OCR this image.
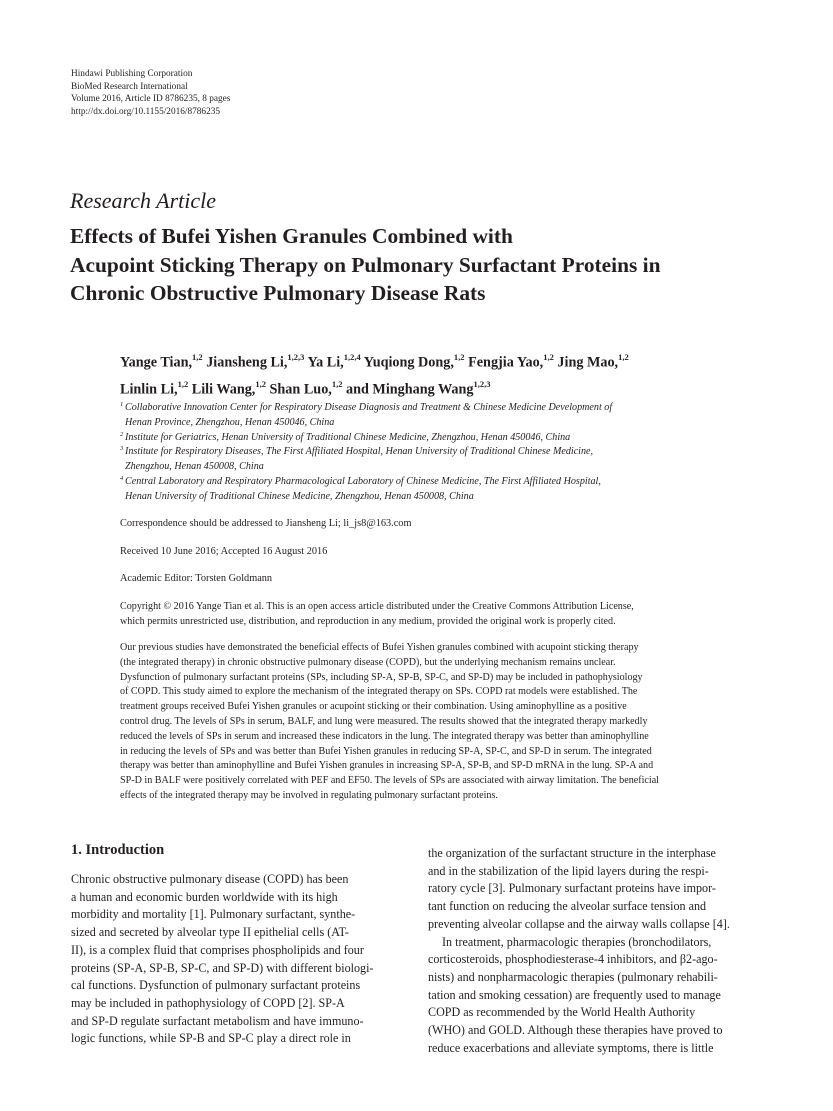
Hindawi Publishing Corporation
BioMed Research International
Volume 2016, Article ID 8786235, 8 pages
http://dx.doi.org/10.1155/2016/8786235
Research Article
Effects of Bufei Yishen Granules Combined with
Acupoint Sticking Therapy on Pulmonary Surfactant Proteins in
Chronic Obstructive Pulmonary Disease Rats
Yange Tian,$^{1,2}$ Jiansheng Li,$^{1,2,3}$ Ya Li,$^{1,2,4}$ Yuqiong Dong,$^{1,2}$ Fengjia Yao,$^{1,2}$ Jing Mao,$^{1,2}$
Linlin Li,$^{1,2}$ Lili Wang,$^{1,2}$ Shan Luo,$^{1,2}$ and Minghang Wang$^{1,2,3}$
1 Collaborative Innovation Center for Respiratory Disease Diagnosis and Treatment & Chinese Medicine Development of
Henan Province, Zhengzhou, Henan 450046, China
2 Institute for Geriatrics, Henan University of Traditional Chinese Medicine, Zhengzhou, Henan 450046, China
3 Institute for Respiratory Diseases, The First Affiliated Hospital, Henan University of Traditional Chinese Medicine,
Zhengzhou, Henan 450008, China
4 Central Laboratory and Respiratory Pharmacological Laboratory of Chinese Medicine, The First Affiliated Hospital,
Henan University of Traditional Chinese Medicine, Zhengzhou, Henan 450008, China
Correspondence should be addressed to Jiansheng Li; li_js8@163.com
Received 10 June 2016; Accepted 16 August 2016
Academic Editor: Torsten Goldmann
Copyright © 2016 Yange Tian et al. This is an open access article distributed under the Creative Commons Attribution License,
which permits unrestricted use, distribution, and reproduction in any medium, provided the original work is properly cited.
Our previous studies have demonstrated the beneficial effects of Bufei Yishen granules combined with acupoint sticking therapy
(the integrated therapy) in chronic obstructive pulmonary disease (COPD), but the underlying mechanism remains unclear.
Dysfunction of pulmonary surfactant proteins (SPs, including SP-A, SP-B, SP-C, and SP-D) may be included in pathophysiology
of COPD. This study aimed to explore the mechanism of the integrated therapy on SPs. COPD rat models were established. The
treatment groups received Bufei Yishen granules or acupoint sticking or their combination. Using aminophylline as a positive
control drug. The levels of SPs in serum, BALF, and lung were measured. The results showed that the integrated therapy markedly
reduced the levels of SPs in serum and increased these indicators in the lung. The integrated therapy was better than aminophylline
in reducing the levels of SPs and was better than Bufei Yishen granules in reducing SP-A, SP-C, and SP-D in serum. The integrated
therapy was better than aminophylline and Bufei Yishen granules in increasing SP-A, SP-B, and SP-D mRNA in the lung. SP-A and
SP-D in BALF were positively correlated with PEF and EF50. The levels of SPs are associated with airway limitation. The beneficial
effects of the integrated therapy may be involved in regulating pulmonary surfactant proteins.
1. Introduction
Chronic obstructive pulmonary disease (COPD) has been
a human and economic burden worldwide with its high
morbidity and mortality [1]. Pulmonary surfactant, synthe-
sized and secreted by alveolar type II epithelial cells (AT-
II), is a complex fluid that comprises phospholipids and four
proteins (SP-A, SP-B, SP-C, and SP-D) with different biologi-
cal functions. Dysfunction of pulmonary surfactant proteins
may be included in pathophysiology of COPD [2]. SP-A
and SP-D regulate surfactant metabolism and have immuno-
logic functions, while SP-B and SP-C play a direct role in
the organization of the surfactant structure in the interphase
and in the stabilization of the lipid layers during the respi-
ratory cycle [3]. Pulmonary surfactant proteins have impor-
tant function on reducing the alveolar surface tension and
preventing alveolar collapse and the airway walls collapse [4].
In treatment, pharmacologic therapies (bronchodilators,
corticosteroids, phosphodiesterase-4 inhibitors, and β2-ago-
nists) and nonpharmacologic therapies (pulmonary rehabili-
tation and smoking cessation) are frequently used to manage
COPD as recommended by the World Health Authority
(WHO) and GOLD. Although these therapies have proved to
reduce exacerbations and alleviate symptoms, there is little
